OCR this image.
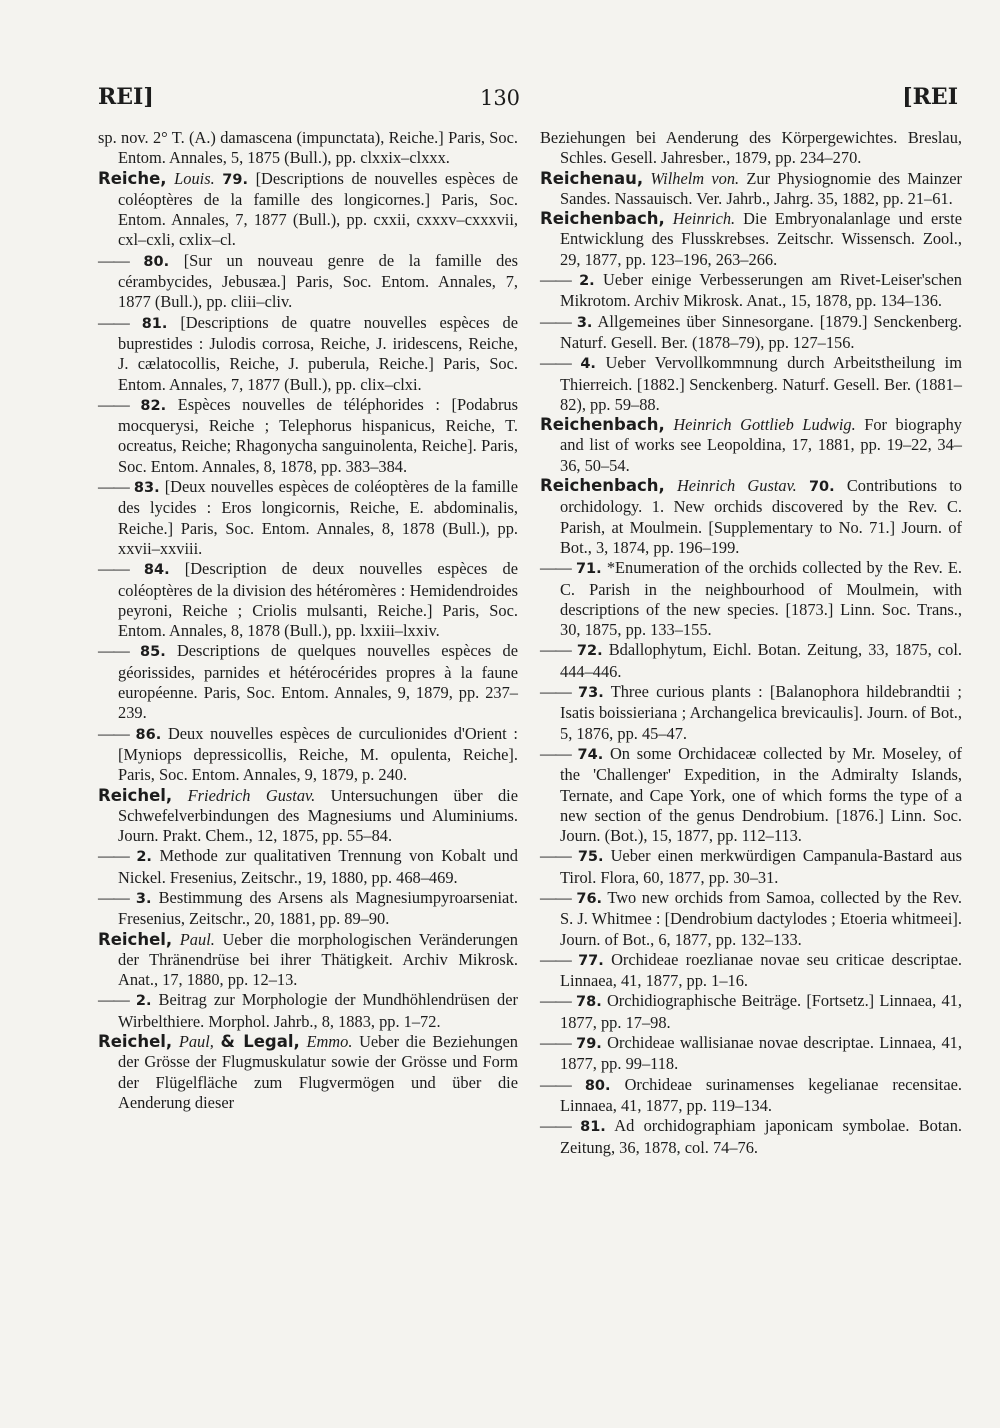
REI]	130	[REI

sp. nov. 2° T. (A.) damascena (impunctata), Reiche.] Paris, Soc. Entom. Annales, 5, 1875 (Bull.), pp. clxxix–clxxx.

Reiche, Louis. 79. [Descriptions de nouvelles espèces de coléoptères de la famille des longicornes.] Paris, Soc. Entom. Annales, 7, 1877 (Bull.), pp. cxxii, cxxxv–cxxxvii, cxl–cxli, cxlix–cl.

—— 80. [Sur un nouveau genre de la famille des cérambycides, Jebusæa.] Paris, Soc. Entom. Annales, 7, 1877 (Bull.), pp. cliii–cliv.

—— 81. [Descriptions de quatre nouvelles espèces de buprestides : Julodis corrosa, Reiche, J. iridescens, Reiche, J. cælatocollis, Reiche, J. puberula, Reiche.] Paris, Soc. Entom. Annales, 7, 1877 (Bull.), pp. clix–clxi.

—— 82. Espèces nouvelles de téléphorides : [Podabrus mocquerysi, Reiche ; Telephorus hispanicus, Reiche, T. ocreatus, Reiche; Rhagonycha sanguinolenta, Reiche]. Paris, Soc. Entom. Annales, 8, 1878, pp. 383–384.

—— 83. [Deux nouvelles espèces de coléoptères de la famille des lycides : Eros longicornis, Reiche, E. abdominalis, Reiche.] Paris, Soc. Entom. Annales, 8, 1878 (Bull.), pp. xxvii–xxviii.

—— 84. [Description de deux nouvelles espèces de coléoptères de la division des hétéromères : Hemidendroides peyroni, Reiche ; Criolis mulsanti, Reiche.] Paris, Soc. Entom. Annales, 8, 1878 (Bull.), pp. lxxiii–lxxiv.

—— 85. Descriptions de quelques nouvelles espèces de géorissides, parnides et hétérocérides propres à la faune européenne. Paris, Soc. Entom. Annales, 9, 1879, pp. 237–239.

—— 86. Deux nouvelles espèces de curculionides d'Orient : [Myniops depressicollis, Reiche, M. opulenta, Reiche]. Paris, Soc. Entom. Annales, 9, 1879, p. 240.

Reichel, Friedrich Gustav. Untersuchungen über die Schwefelverbindungen des Magnesiums und Aluminiums. Journ. Prakt. Chem., 12, 1875, pp. 55–84.

—— 2. Methode zur qualitativen Trennung von Kobalt und Nickel. Fresenius, Zeitschr., 19, 1880, pp. 468–469.

—— 3. Bestimmung des Arsens als Magnesiumpyroarseniat. Fresenius, Zeitschr., 20, 1881, pp. 89–90.

Reichel, Paul. Ueber die morphologischen Veränderungen der Thränendrüse bei ihrer Thätigkeit. Archiv Mikrosk. Anat., 17, 1880, pp. 12–13.

—— 2. Beitrag zur Morphologie der Mundhöhlendrüsen der Wirbelthiere. Morphol. Jahrb., 8, 1883, pp. 1–72.

Reichel, Paul, & Legal, Emmo. Ueber die Beziehungen der Grösse der Flugmuskulatur sowie der Grösse und Form der Flügelfläche zum Flugvermögen und über die Aenderung dieser

Beziehungen bei Aenderung des Körpergewichtes. Breslau, Schles. Gesell. Jahresber., 1879, pp. 234–270.

Reichenau, Wilhelm von. Zur Physiognomie des Mainzer Sandes. Nassauisch. Ver. Jahrb., Jahrg. 35, 1882, pp. 21–61.

Reichenbach, Heinrich. Die Embryonalanlage und erste Entwicklung des Flusskrebses. Zeitschr. Wissensch. Zool., 29, 1877, pp. 123–196, 263–266.

—— 2. Ueber einige Verbesserungen am Rivet-Leiser'schen Mikrotom. Archiv Mikrosk. Anat., 15, 1878, pp. 134–136.

—— 3. Allgemeines über Sinnesorgane. [1879.] Senckenberg. Naturf. Gesell. Ber. (1878–79), pp. 127–156.

—— 4. Ueber Vervollkommnung durch Arbeitstheilung im Thierreich. [1882.] Senckenberg. Naturf. Gesell. Ber. (1881–82), pp. 59–88.

Reichenbach, Heinrich Gottlieb Ludwig. For biography and list of works see Leopoldina, 17, 1881, pp. 19–22, 34–36, 50–54.

Reichenbach, Heinrich Gustav. 70. Contributions to orchidology. 1. New orchids discovered by the Rev. C. Parish, at Moulmein. [Supplementary to No. 71.] Journ. of Bot., 3, 1874, pp. 196–199.

—— 71. *Enumeration of the orchids collected by the Rev. E. C. Parish in the neighbourhood of Moulmein, with descriptions of the new species. [1873.] Linn. Soc. Trans., 30, 1875, pp. 133–155.

—— 72. Bdallophytum, Eichl. Botan. Zeitung, 33, 1875, col. 444–446.

—— 73. Three curious plants : [Balanophora hildebrandtii ; Isatis boissieriana ; Archangelica brevicaulis]. Journ. of Bot., 5, 1876, pp. 45–47.

—— 74. On some Orchidaceæ collected by Mr. Moseley, of the 'Challenger' Expedition, in the Admiralty Islands, Ternate, and Cape York, one of which forms the type of a new section of the genus Dendrobium. [1876.] Linn. Soc. Journ. (Bot.), 15, 1877, pp. 112–113.

—— 75. Ueber einen merkwürdigen Campanula-Bastard aus Tirol. Flora, 60, 1877, pp. 30–31.

—— 76. Two new orchids from Samoa, collected by the Rev. S. J. Whitmee : [Dendrobium dactylodes ; Etoeria whitmeei]. Journ. of Bot., 6, 1877, pp. 132–133.

—— 77. Orchideae roezlianae novae seu criticae descriptae. Linnaea, 41, 1877, pp. 1–16.

—— 78. Orchidiographische Beiträge. [Fortsetz.] Linnaea, 41, 1877, pp. 17–98.

—— 79. Orchideae wallisianae novae descriptae. Linnaea, 41, 1877, pp. 99–118.

—— 80. Orchideae surinamenses kegelianae recensitae. Linnaea, 41, 1877, pp. 119–134.

—— 81. Ad orchidographiam japonicam symbolae. Botan. Zeitung, 36, 1878, col. 74–76.
